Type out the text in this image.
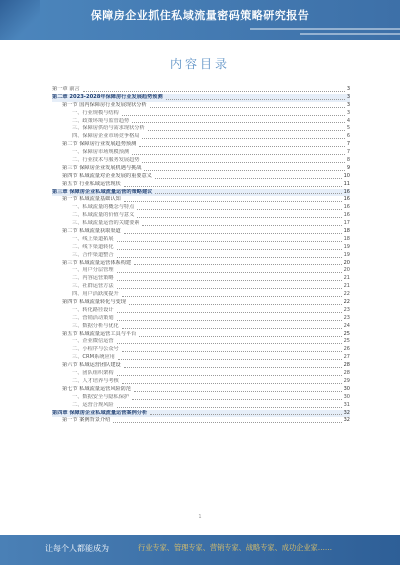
保障房企业抓住私域流量密码策略研究报告
内容目录
第一章 前言	3
第二章 2023-2028年保障房行业发展趋势预测	3
第一节 国内保障房行业发展现状分析	3
一、行业规模与结构	3
二、政策环境与监管趋势	4
三、保障房供给与需求现状分析	5
四、保障房企业市场竞争格局	6
第二节 保障房行业发展趋势预测	7
一、保障房市场规模预测	7
二、行业技术与服务发展趋势	8
第三节 保障房企业发展机遇与挑战	9
第四节 私域流量对企业发展的重要意义	10
第五节 行业私域运营现状	11
第三章 保障房企业私域流量运营的策略建议	16
第一节 私域流量基础认知	16
一、私域流量的概念与特点	16
二、私域流量的价值与意义	16
三、私域流量运营的关键要素	17
第二节 私域流量获取渠道	18
一、线上渠道拓展	18
二、线下渠道转化	19
三、合作渠道整合	19
第三节 私域流量运营体系构建	20
一、用户分层管理	20
二、内容运营策略	21
三、社群运营方法	21
四、用户活跃度提升	22
第四节 私域流量转化与变现	22
一、转化路径设计	23
二、营销活动策划	23
三、数据分析与优化	24
第五节 私域流量运营工具与平台	25
一、企业微信运营	25
二、小程序与公众号	26
三、CRM系统应用	27
第六节 私域运营团队建设	28
一、团队组织架构	28
二、人才培养与考核	29
第七节 私域流量运营风险防范	30
一、数据安全与隐私保护	30
二、运营合规风险	31
第四章 保障房企业私域流量运营案例分析	32
第一节 案例背景介绍	32
1
让每个人都能成为	行业专家、管理专家、营销专家、战略专家、成功企业家……
